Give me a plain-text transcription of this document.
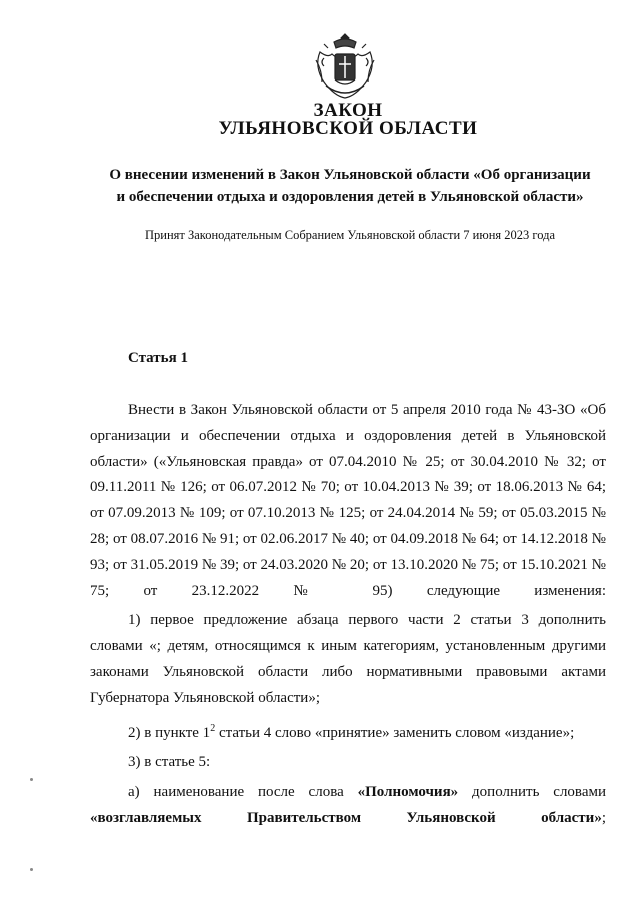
ЗАКОН
УЛЬЯНОВСКОЙ ОБЛАСТИ
О внесении изменений в Закон Ульяновской области «Об организации
и обеспечении отдыха и оздоровления детей в Ульяновской области»
Принят Законодательным Собранием Ульяновской области 7 июня 2023 года
Статья 1

Внести в Закон Ульяновской области от 5 апреля 2010 года № 43-ЗО «Об организации и обеспечении отдыха и оздоровления детей в Ульяновской области» («Ульяновская правда» от 07.04.2010 № 25; от 30.04.2010 № 32; от 09.11.2011 № 126; от 06.07.2012 № 70; от 10.04.2013 № 39; от 18.06.2013 № 64; от 07.09.2013 № 109; от 07.10.2013 № 125; от 24.04.2014 № 59; от 05.03.2015 № 28; от 08.07.2016 № 91; от 02.06.2017 № 40; от 04.09.2018 № 64; от 14.12.2018 № 93; от 31.05.2019 № 39; от 24.03.2020 № 20; от 13.10.2020 № 75; от 15.10.2021 № 75; от 23.12.2022 № 95) следующие изменения:

1) первое предложение абзаца первого части 2 статьи 3 дополнить словами «; детям, относящимся к иным категориям, установленным другими законами Ульяновской области либо нормативными правовыми актами Губернатора Ульяновской области»;

2) в пункте $1^2$ статьи 4 слово «принятие» заменить словом «издание»;

3) в статье 5:

а) наименование после слова «Полномочия» дополнить словами «возглавляемых Правительством Ульяновской области»;
